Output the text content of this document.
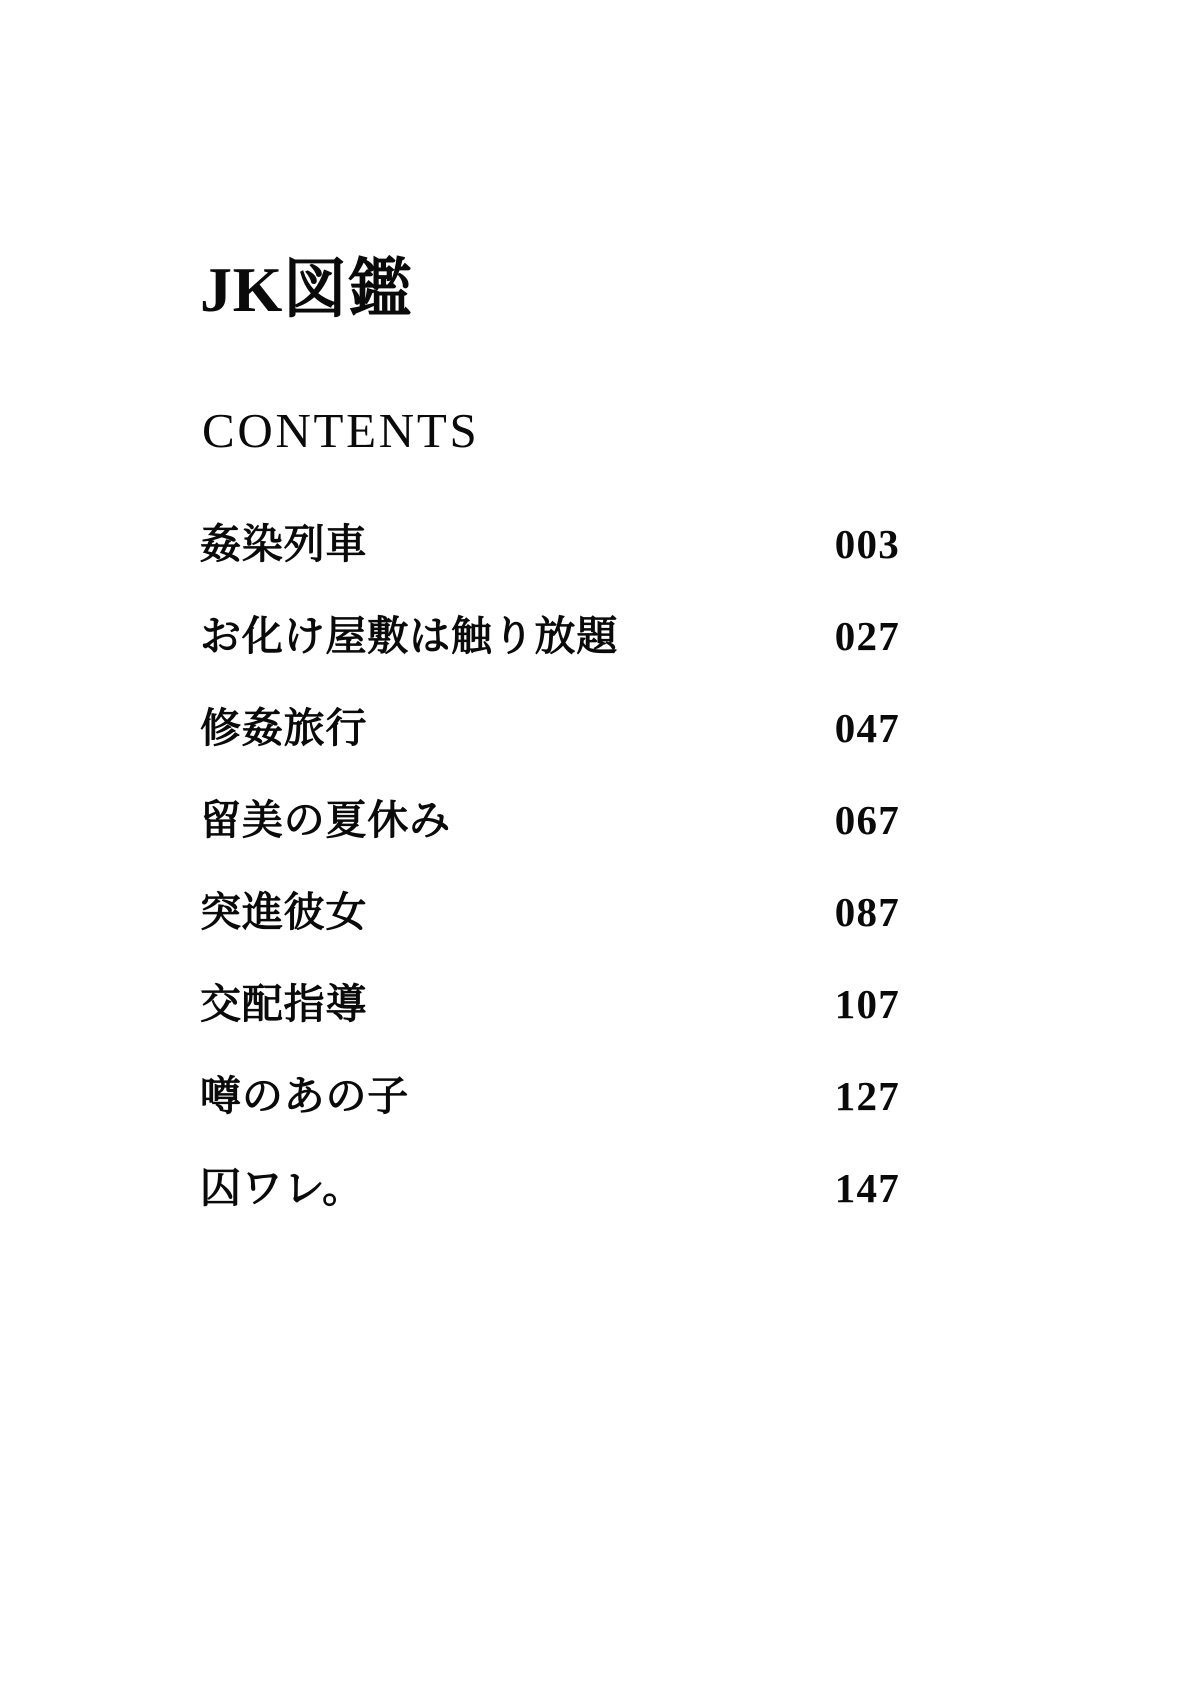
JK図鑑
CONTENTS
姦染列車	003
お化け屋敷は触り放題	027
修姦旅行	047
留美の夏休み	067
突進彼女	087
交配指導	107
噂のあの子	127
囚ワレ。	147
